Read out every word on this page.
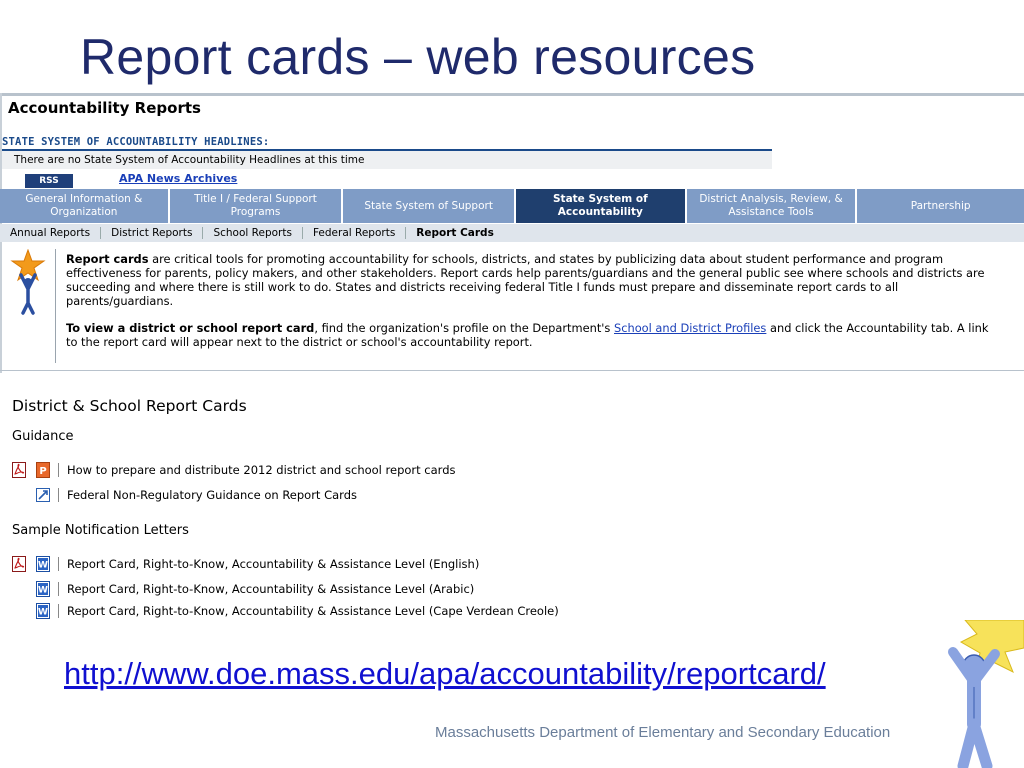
Report cards – web resources
Accountability Reports
STATE SYSTEM OF ACCOUNTABILITY HEADLINES:
There are no State System of Accountability Headlines at this time
RSS	APA News Archives
General Information & Organization
Title I / Federal Support Programs
State System of Support
State System of Accountability
District Analysis, Review, & Assistance Tools
Partnership
Annual Reports	District Reports	School Reports	Federal Reports	Report Cards

Report cards are critical tools for promoting accountability for schools, districts, and states by publicizing data about student performance and program effectiveness for parents, policy makers, and other stakeholders. Report cards help parents/guardians and the general public see where schools and districts are succeeding and where there is still work to do. States and districts receiving federal Title I funds must prepare and disseminate report cards to all parents/guardians.

To view a district or school report card, find the organization's profile on the Department's School and District Profiles and click the Accountability tab. A link to the report card will appear next to the district or school's accountability report.

District & School Report Cards
Guidance
P How to prepare and distribute 2012 district and school report cards
Federal Non-Regulatory Guidance on Report Cards
Sample Notification Letters
W Report Card, Right-to-Know, Accountability & Assistance Level (English)
W Report Card, Right-to-Know, Accountability & Assistance Level (Arabic)
W Report Card, Right-to-Know, Accountability & Assistance Level (Cape Verdean Creole)
http://www.doe.mass.edu/apa/accountability/reportcard/
Massachusetts Department of Elementary and Secondary Education
